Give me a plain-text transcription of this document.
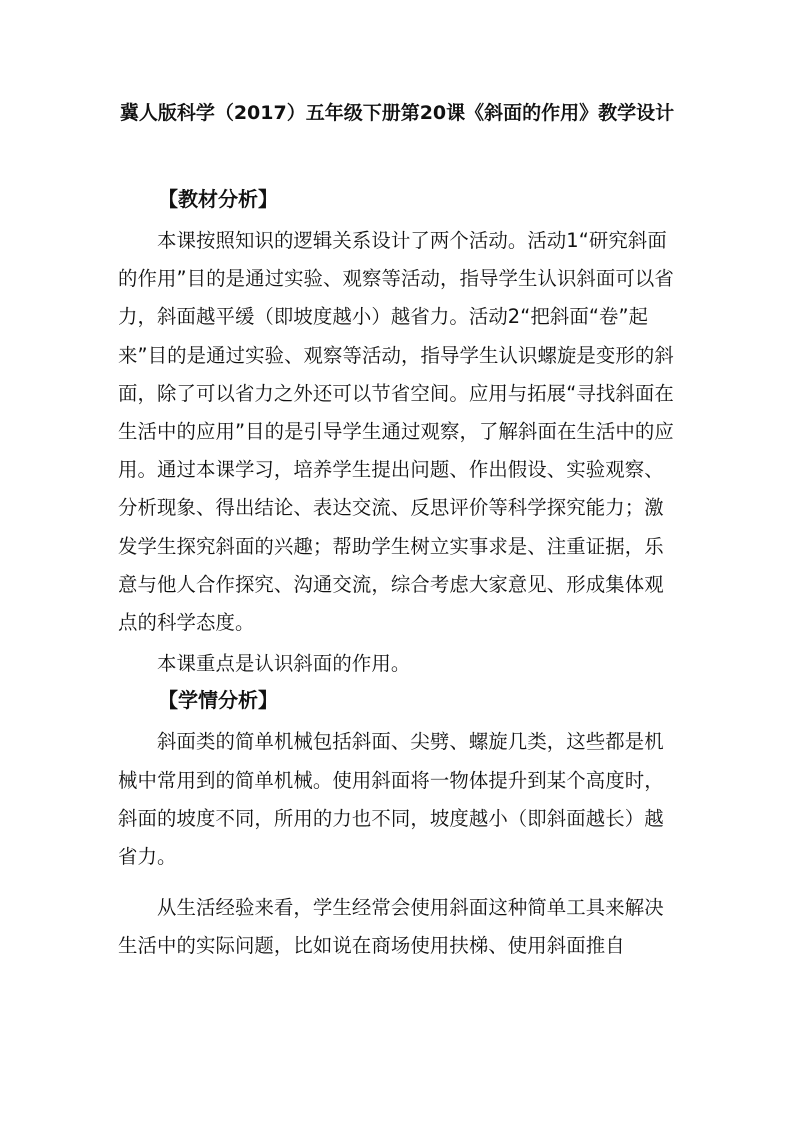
冀人版科学（2017）五年级下册第20课《斜面的作用》教学设计
【教材分析】

本课按照知识的逻辑关系设计了两个活动。活动1“研究斜面的作用”目的是通过实验、观察等活动，指导学生认识斜面可以省力，斜面越平缓（即坡度越小）越省力。活动2“把斜面“卷”起来”目的是通过实验、观察等活动，指导学生认识螺旋是变形的斜面，除了可以省力之外还可以节省空间。应用与拓展“寻找斜面在生活中的应用”目的是引导学生通过观察，了解斜面在生活中的应用。通过本课学习，培养学生提出问题、作出假设、实验观察、分析现象、得出结论、表达交流、反思评价等科学探究能力；激发学生探究斜面的兴趣；帮助学生树立实事求是、注重证据，乐意与他人合作探究、沟通交流，综合考虑大家意见、形成集体观点的科学态度。

本课重点是认识斜面的作用。

【学情分析】

斜面类的简单机械包括斜面、尖劈、螺旋几类，这些都是机械中常用到的简单机械。使用斜面将一物体提升到某个高度时，斜面的坡度不同，所用的力也不同，坡度越小（即斜面越长）越省力。

从生活经验来看，学生经常会使用斜面这种简单工具来解决生活中的实际问题，比如说在商场使用扶梯、使用斜面推自
